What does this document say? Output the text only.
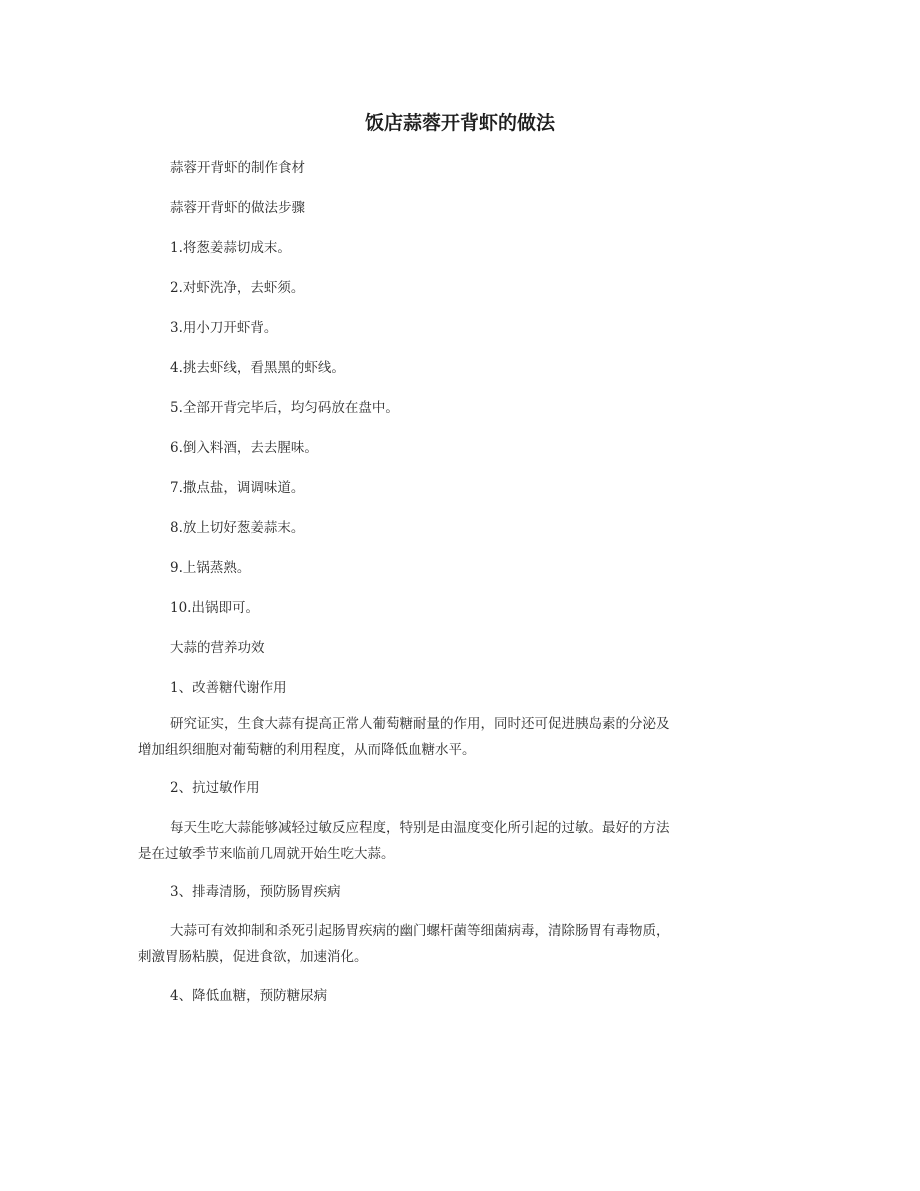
饭店蒜蓉开背虾的做法

蒜蓉开背虾的制作食材

蒜蓉开背虾的做法步骤

1.将葱姜蒜切成末。

2.对虾洗净，去虾须。

3.用小刀开虾背。

4.挑去虾线，看黑黑的虾线。

5.全部开背完毕后，均匀码放在盘中。

6.倒入料酒，去去腥味。

7.撒点盐，调调味道。

8.放上切好葱姜蒜末。

9.上锅蒸熟。

10.出锅即可。

大蒜的营养功效

1、改善糖代谢作用

研究证实，生食大蒜有提高正常人葡萄糖耐量的作用，同时还可促进胰岛素的分泌及
增加组织细胞对葡萄糖的利用程度，从而降低血糖水平。

2、抗过敏作用

每天生吃大蒜能够减轻过敏反应程度，特别是由温度变化所引起的过敏。最好的方法
是在过敏季节来临前几周就开始生吃大蒜。

3、排毒清肠，预防肠胃疾病

大蒜可有效抑制和杀死引起肠胃疾病的幽门螺杆菌等细菌病毒，清除肠胃有毒物质，
刺激胃肠粘膜，促进食欲，加速消化。

4、降低血糖，预防糖尿病
